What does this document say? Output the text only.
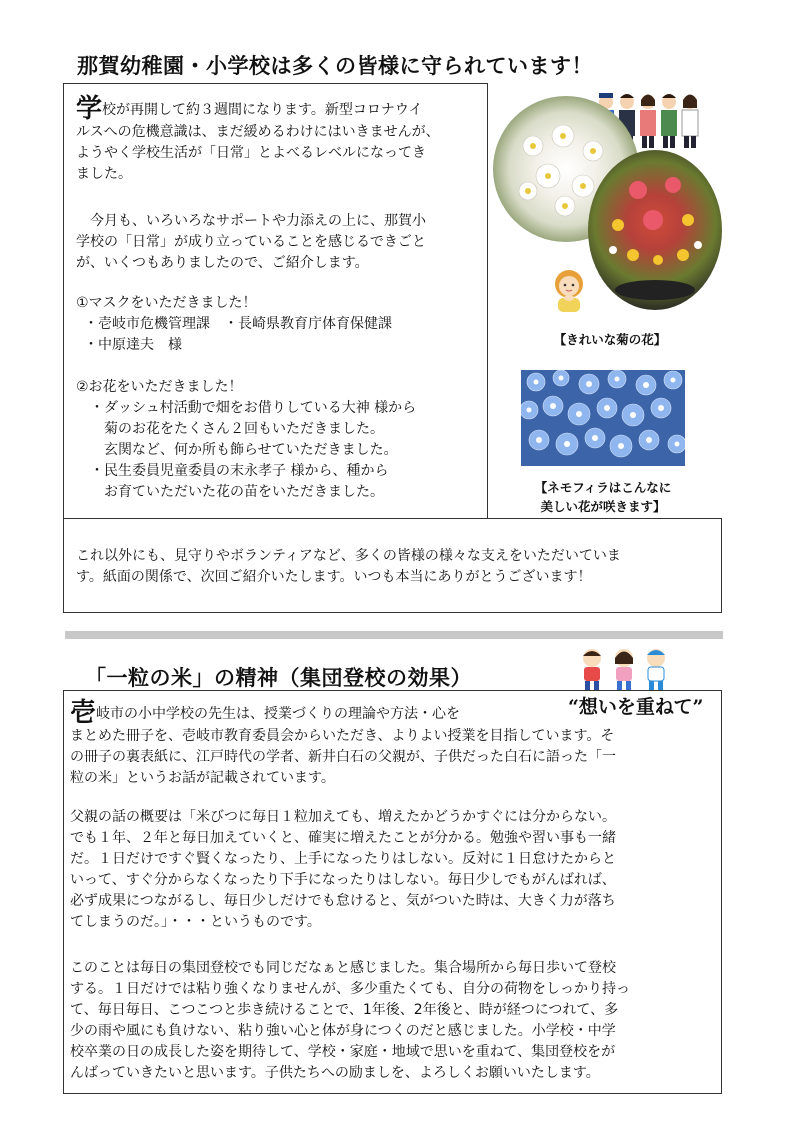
那賀幼稚園・小学校は多くの皆様に守られています！

学校が再開して約３週間になります。新型コロナウイ

ルスへの危機意識は、まだ緩めるわけにはいきませんが、

ようやく学校生活が「日常」とよべるレベルになってき

ました。

今月も、いろいろなサポートや力添えの上に、那賀小

学校の「日常」が成り立っていることを感じるできごと

が、いくつもありましたので、ご紹介します。

①マスクをいただきました！

・壱岐市危機管理課　・長崎県教育庁体育保健課

・中原達夫　様

②お花をいただきました！

・ダッシュ村活動で畑をお借りしている大神 様から

菊のお花をたくさん２回もいただきました。

玄関など、何か所も飾らせていただきました。

・民生委員児童委員の末永孝子 様から、種から

お育ていただいた花の苗をいただきました。

【きれいな菊の花】
【ネモフィラはこんなに
美しい花が咲きます】

これ以外にも、見守りやボランティアなど、多くの皆様の様々な支えをいただいていま

す。紙面の関係で、次回ご紹介いたします。いつも本当にありがとうございます！

「一粒の米」の精神（集団登校の効果）
“想いを重ねて”

壱岐市の小中学校の先生は、授業づくりの理論や方法・心を

まとめた冊子を、壱岐市教育委員会からいただき、よりよい授業を目指しています。そ

の冊子の裏表紙に、江戸時代の学者、新井白石の父親が、子供だった白石に語った「一

粒の米」というお話が記載されています。

父親の話の概要は「米びつに毎日１粒加えても、増えたかどうかすぐには分からない。

でも１年、２年と毎日加えていくと、確実に増えたことが分かる。勉強や習い事も一緒

だ。１日だけですぐ賢くなったり、上手になったりはしない。反対に１日怠けたからと

いって、すぐ分からなくなったり下手になったりはしない。毎日少しでもがんばれば、

必ず成果につながるし、毎日少しだけでも怠けると、気がついた時は、大きく力が落ち

てしまうのだ。」・・・というものです。

このことは毎日の集団登校でも同じだなぁと感じました。集合場所から毎日歩いて登校

する。１日だけでは粘り強くなりませんが、多少重たくても、自分の荷物をしっかり持っ

て、毎日毎日、こつこつと歩き続けることで、1年後、2年後と、時が経つにつれて、多

少の雨や風にも負けない、粘り強い心と体が身につくのだと感じました。小学校・中学

校卒業の日の成長した姿を期待して、学校・家庭・地域で思いを重ねて、集団登校をが

んばっていきたいと思います。子供たちへの励ましを、よろしくお願いいたします。
